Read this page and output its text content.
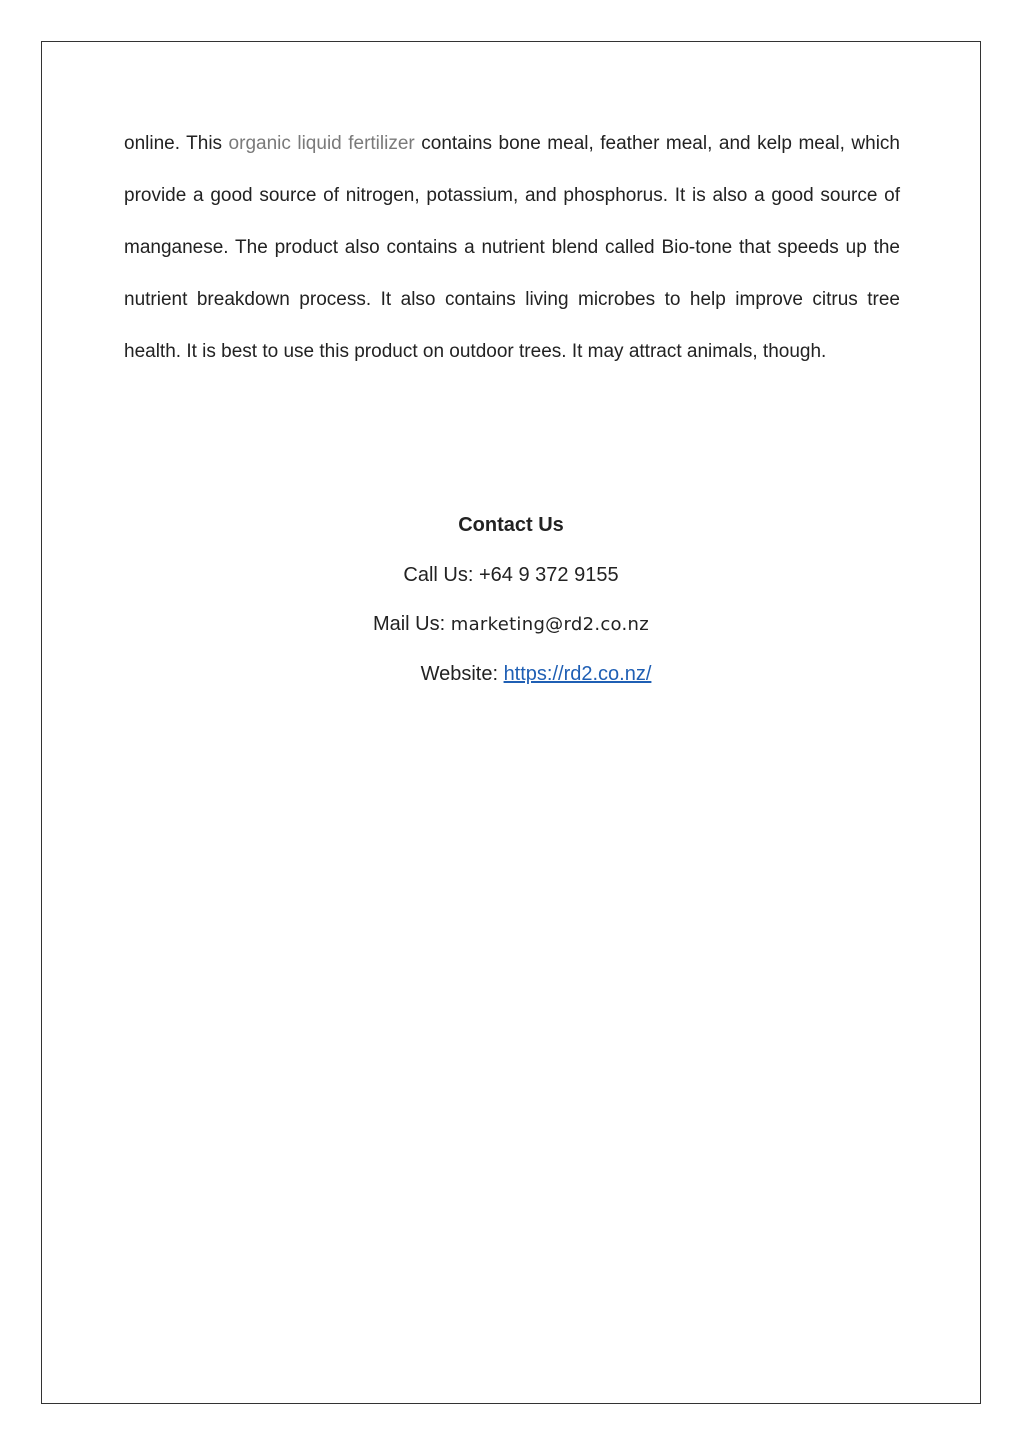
online. This organic liquid fertilizer contains bone meal, feather meal, and kelp meal, which provide a good source of nitrogen, potassium, and phosphorus. It is also a good source of manganese. The product also contains a nutrient blend called Bio-tone that speeds up the nutrient breakdown process. It also contains living microbes to help improve citrus tree health. It is best to use this product on outdoor trees. It may attract animals, though.

Contact Us
Call Us: +64 9 372 9155
Mail Us: marketing@rd2.co.nz
Website: https://rd2.co.nz/
